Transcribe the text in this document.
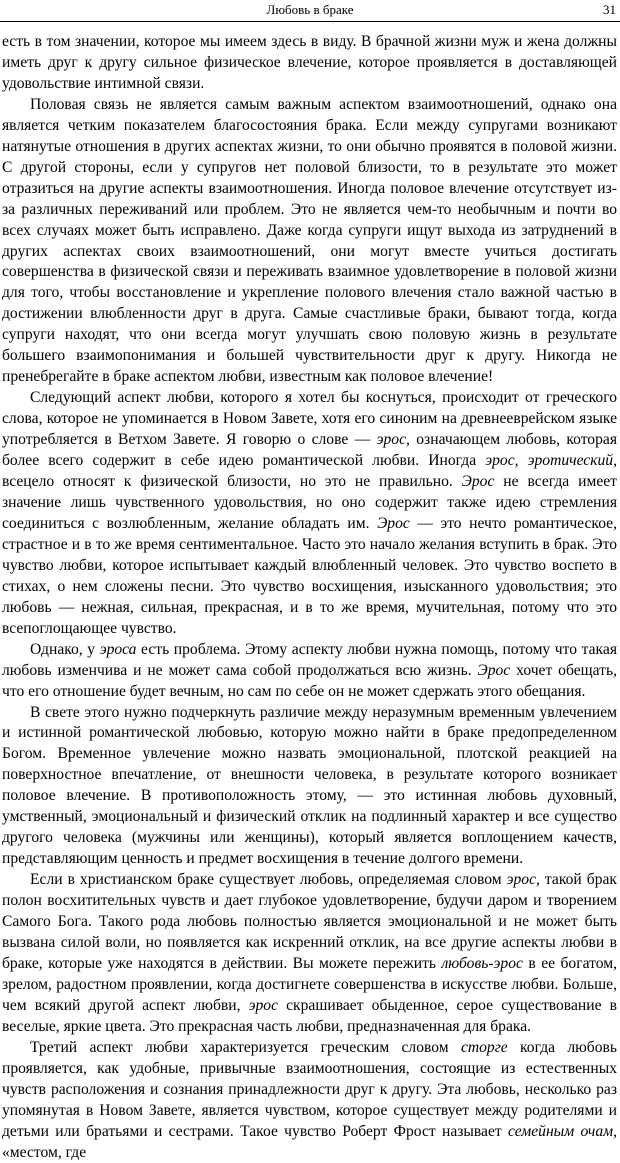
Любовь в браке	31

есть в том значении, которое мы имеем здесь в виду. В брачной жизни муж и жена должны иметь друг к другу сильное физическое влечение, которое проявляется в доставляющей удовольствие интимной связи.

Половая связь не является самым важным аспектом взаимоотношений, однако она является четким показателем благосостояния брака. Если между супругами возникают натянутые отношения в других аспектах жизни, то они обычно проявятся в половой жизни. С другой стороны, если у супругов нет половой близости, то в результате это может отразиться на другие аспекты взаимоотношения. Иногда половое влечение отсутствует из-за различных переживаний или проблем. Это не является чем-то необычным и почти во всех случаях может быть исправлено. Даже когда супруги ищут выхода из затруднений в других аспектах своих взаимоотношений, они могут вместе учиться достигать совершенства в физической связи и переживать взаимное удовлетворение в половой жизни для того, чтобы восстановление и укрепление полового влечения стало важной частью в достижении влюбленности друг в друга. Самые счастливые браки, бывают тогда, когда супруги находят, что они всегда могут улучшать свою половую жизнь в результате большего взаимопонимания и большей чувствительности друг к другу. Никогда не пренебрегайте в браке аспектом любви, известным как половое влечение!

Следующий аспект любви, которого я хотел бы коснуться, происходит от греческого слова, которое не упоминается в Новом Завете, хотя его синоним на древнееврейском языке употребляется в Ветхом Завете. Я говорю о слове — эрос, означающем любовь, которая более всего содержит в себе идею романтической любви. Иногда эрос, эротический, всецело относят к физической близости, но это не правильно. Эрос не всегда имеет значение лишь чувственного удовольствия, но оно содержит также идею стремления соединиться с возлюбленным, желание обладать им. Эрос — это нечто романтическое, страстное и в то же время сентиментальное. Часто это начало желания вступить в брак. Это чувство любви, которое испытывает каждый влюбленный человек. Это чувство воспето в стихах, о нем сложены песни. Это чувство восхищения, изысканного удовольствия; это любовь — нежная, сильная, прекрасная, и в то же время, мучительная, потому что это всепоглощающее чувство.

Однако, у эроса есть проблема. Этому аспекту любви нужна помощь, потому что такая любовь изменчива и не может сама собой продолжаться всю жизнь. Эрос хочет обещать, что его отношение будет вечным, но сам по себе он не может сдержать этого обещания.

В свете этого нужно подчеркнуть различие между неразумным временным увлечением и истинной романтической любовью, которую можно найти в браке предопределенном Богом. Временное увлечение можно назвать эмоциональной, плотской реакцией на поверхностное впечатление, от внешности человека, в результате которого возникает половое влечение. В противоположность этому, — это истинная любовь духовный, умственный, эмоциональный и физический отклик на подлинный характер и все существо другого человека (мужчины или женщины), который является воплощением качеств, представляющим ценность и предмет восхищения в течение долгого времени.

Если в христианском браке существует любовь, определяемая словом эрос, такой брак полон восхитительных чувств и дает глубокое удовлетворение, будучи даром и творением Самого Бога. Такого рода любовь полностью является эмоциональной и не может быть вызвана силой воли, но появляется как искренний отклик, на все другие аспекты любви в браке, которые уже находятся в действии. Вы можете пережить любовь-эрос в ее богатом, зрелом, радостном проявлении, когда достигнете совершенства в искусстве любви. Больше, чем всякий другой аспект любви, эрос скрашивает обыденное, серое существование в веселые, яркие цвета. Это прекрасная часть любви, предназначенная для брака.

Третий аспект любви характеризуется греческим словом сторге когда любовь проявляется, как удобные, привычные взаимоотношения, состоящие из естественных чувств расположения и сознания принадлежности друг к другу. Эта любовь, несколько раз упомянутая в Новом Завете, является чувством, которое существует между родителями и детьми или братьями и сестрами. Такое чувство Роберт Фрост называет семейным очам, «местом, где
